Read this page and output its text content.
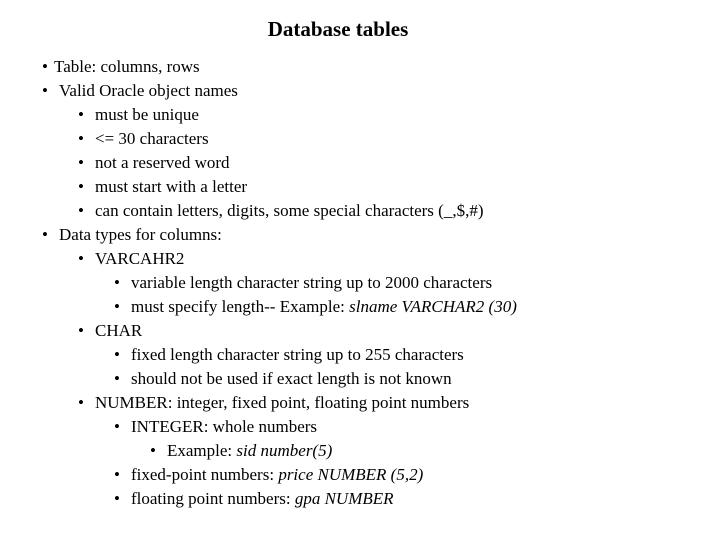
Database tables
• Table: columns, rows
• Valid Oracle object names
• must be unique
• <= 30 characters
• not a reserved word
• must start with a letter
• can contain letters, digits, some special characters (_,$,#)
• Data types for columns:
• VARCAHR2
• variable length character string up to 2000 characters
• must specify length-- Example: slname VARCHAR2 (30)
• CHAR
• fixed length character string up to 255 characters
• should not be used if exact length is not known
• NUMBER: integer, fixed point, floating point numbers
• INTEGER: whole numbers
• Example: sid number(5)
• fixed-point numbers: price NUMBER (5,2)
• floating point numbers: gpa NUMBER
